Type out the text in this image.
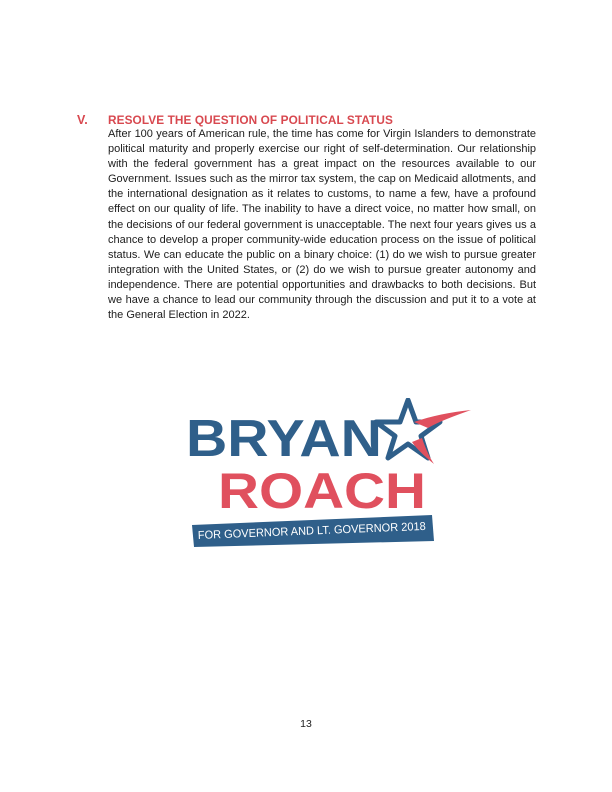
V. RESOLVE THE QUESTION OF POLITICAL STATUS
After 100 years of American rule, the time has come for Virgin Islanders to demonstrate political maturity and properly exercise our right of self-determination. Our relationship with the federal government has a great impact on the resources available to our Government. Issues such as the mirror tax system, the cap on Medicaid allotments, and the international designation as it relates to customs, to name a few, have a profound effect on our quality of life. The inability to have a direct voice, no matter how small, on the decisions of our federal government is unacceptable. The next four years gives us a chance to develop a proper community-wide education process on the issue of political status. We can educate the public on a binary choice: (1) do we wish to pursue greater integration with the United States, or (2) do we wish to pursue greater autonomy and independence. There are potential opportunities and drawbacks to both decisions. But we have a chance to lead our community through the discussion and put it to a vote at the General Election in 2022.
BRYAN
ROACH
FOR GOVERNOR AND LT. GOVERNOR 2018
13
